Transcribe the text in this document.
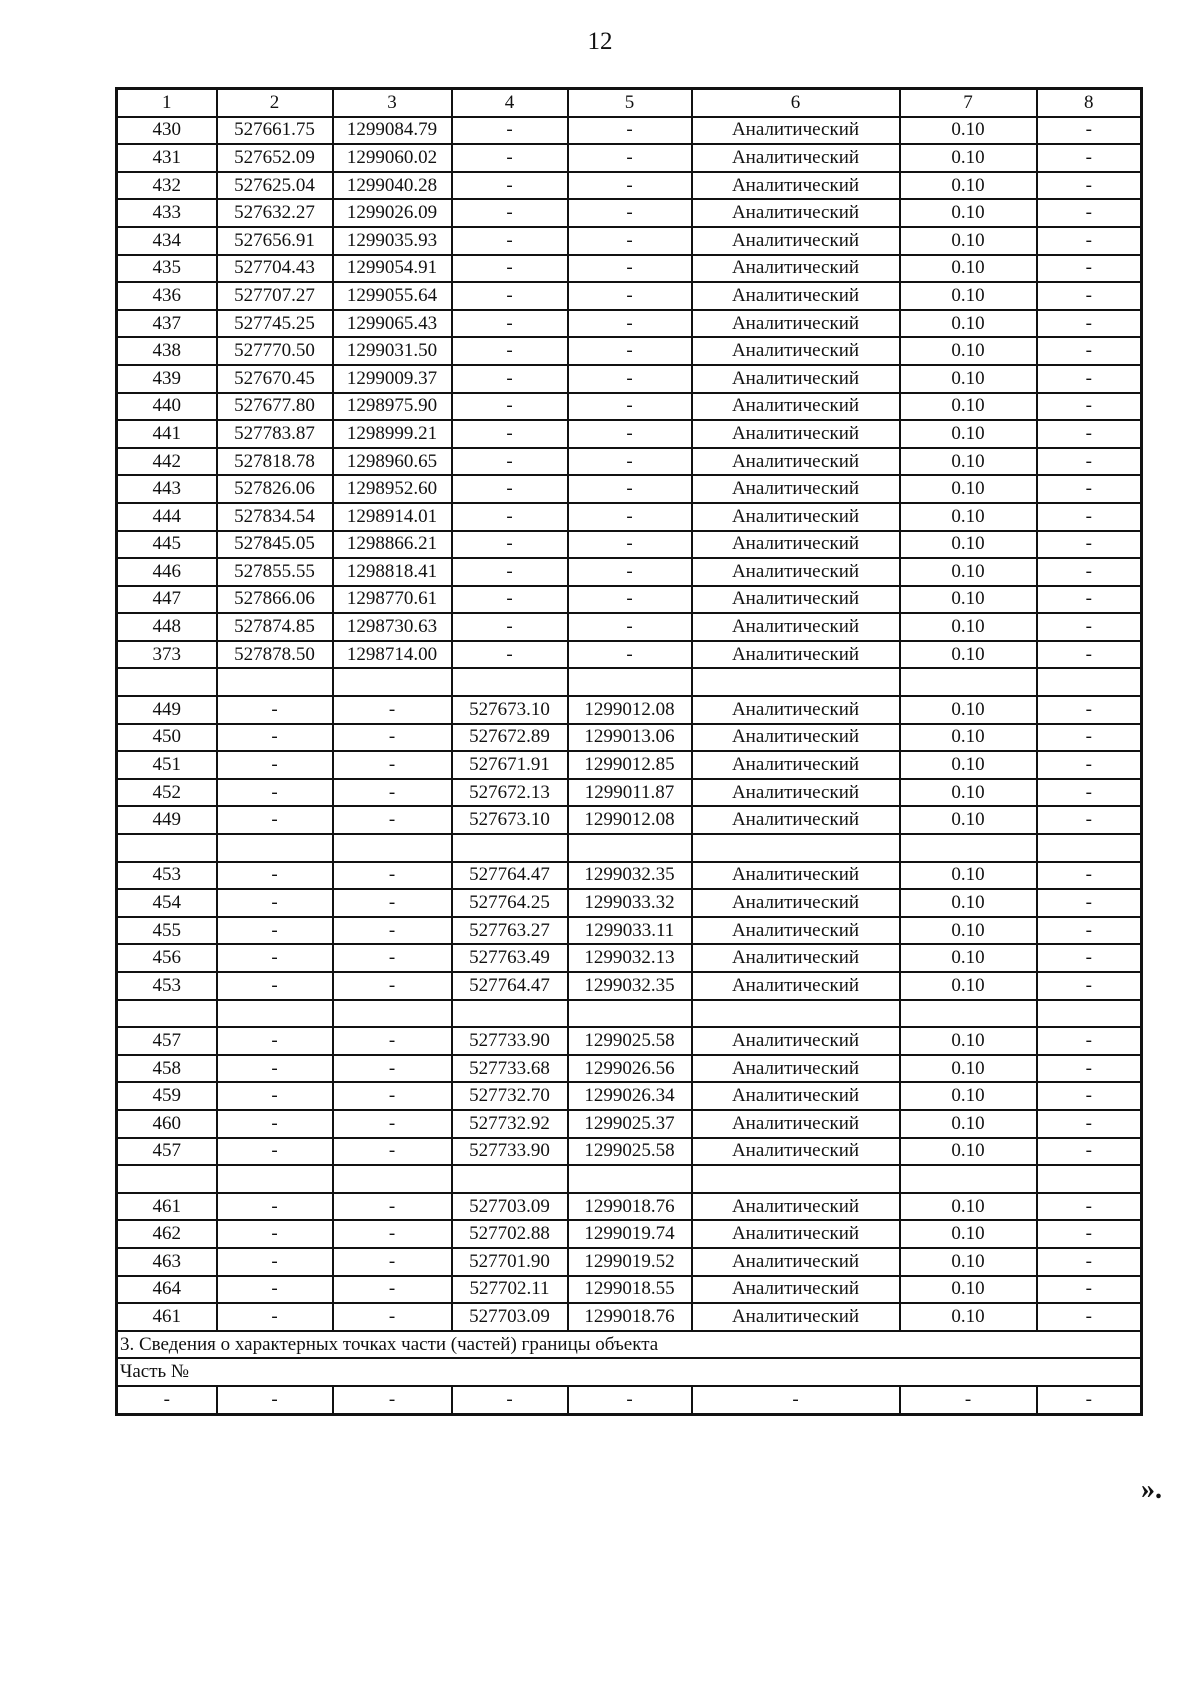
12
1	2	3	4	5	6	7	8
430	527661.75	1299084.79	-	-	Аналитический	0.10	-
431	527652.09	1299060.02	-	-	Аналитический	0.10	-
432	527625.04	1299040.28	-	-	Аналитический	0.10	-
433	527632.27	1299026.09	-	-	Аналитический	0.10	-
434	527656.91	1299035.93	-	-	Аналитический	0.10	-
435	527704.43	1299054.91	-	-	Аналитический	0.10	-
436	527707.27	1299055.64	-	-	Аналитический	0.10	-
437	527745.25	1299065.43	-	-	Аналитический	0.10	-
438	527770.50	1299031.50	-	-	Аналитический	0.10	-
439	527670.45	1299009.37	-	-	Аналитический	0.10	-
440	527677.80	1298975.90	-	-	Аналитический	0.10	-
441	527783.87	1298999.21	-	-	Аналитический	0.10	-
442	527818.78	1298960.65	-	-	Аналитический	0.10	-
443	527826.06	1298952.60	-	-	Аналитический	0.10	-
444	527834.54	1298914.01	-	-	Аналитический	0.10	-
445	527845.05	1298866.21	-	-	Аналитический	0.10	-
446	527855.55	1298818.41	-	-	Аналитический	0.10	-
447	527866.06	1298770.61	-	-	Аналитический	0.10	-
448	527874.85	1298730.63	-	-	Аналитический	0.10	-
373	527878.50	1298714.00	-	-	Аналитический	0.10	-

449	-	-	527673.10	1299012.08	Аналитический	0.10	-
450	-	-	527672.89	1299013.06	Аналитический	0.10	-
451	-	-	527671.91	1299012.85	Аналитический	0.10	-
452	-	-	527672.13	1299011.87	Аналитический	0.10	-
449	-	-	527673.10	1299012.08	Аналитический	0.10	-

453	-	-	527764.47	1299032.35	Аналитический	0.10	-
454	-	-	527764.25	1299033.32	Аналитический	0.10	-
455	-	-	527763.27	1299033.11	Аналитический	0.10	-
456	-	-	527763.49	1299032.13	Аналитический	0.10	-
453	-	-	527764.47	1299032.35	Аналитический	0.10	-

457	-	-	527733.90	1299025.58	Аналитический	0.10	-
458	-	-	527733.68	1299026.56	Аналитический	0.10	-
459	-	-	527732.70	1299026.34	Аналитический	0.10	-
460	-	-	527732.92	1299025.37	Аналитический	0.10	-
457	-	-	527733.90	1299025.58	Аналитический	0.10	-

461	-	-	527703.09	1299018.76	Аналитический	0.10	-
462	-	-	527702.88	1299019.74	Аналитический	0.10	-
463	-	-	527701.90	1299019.52	Аналитический	0.10	-
464	-	-	527702.11	1299018.55	Аналитический	0.10	-
461	-	-	527703.09	1299018.76	Аналитический	0.10	-
3. Сведения о характерных точках части (частей) границы объекта							
Часть №							
-	-	-	-	-	-	-	-
».
